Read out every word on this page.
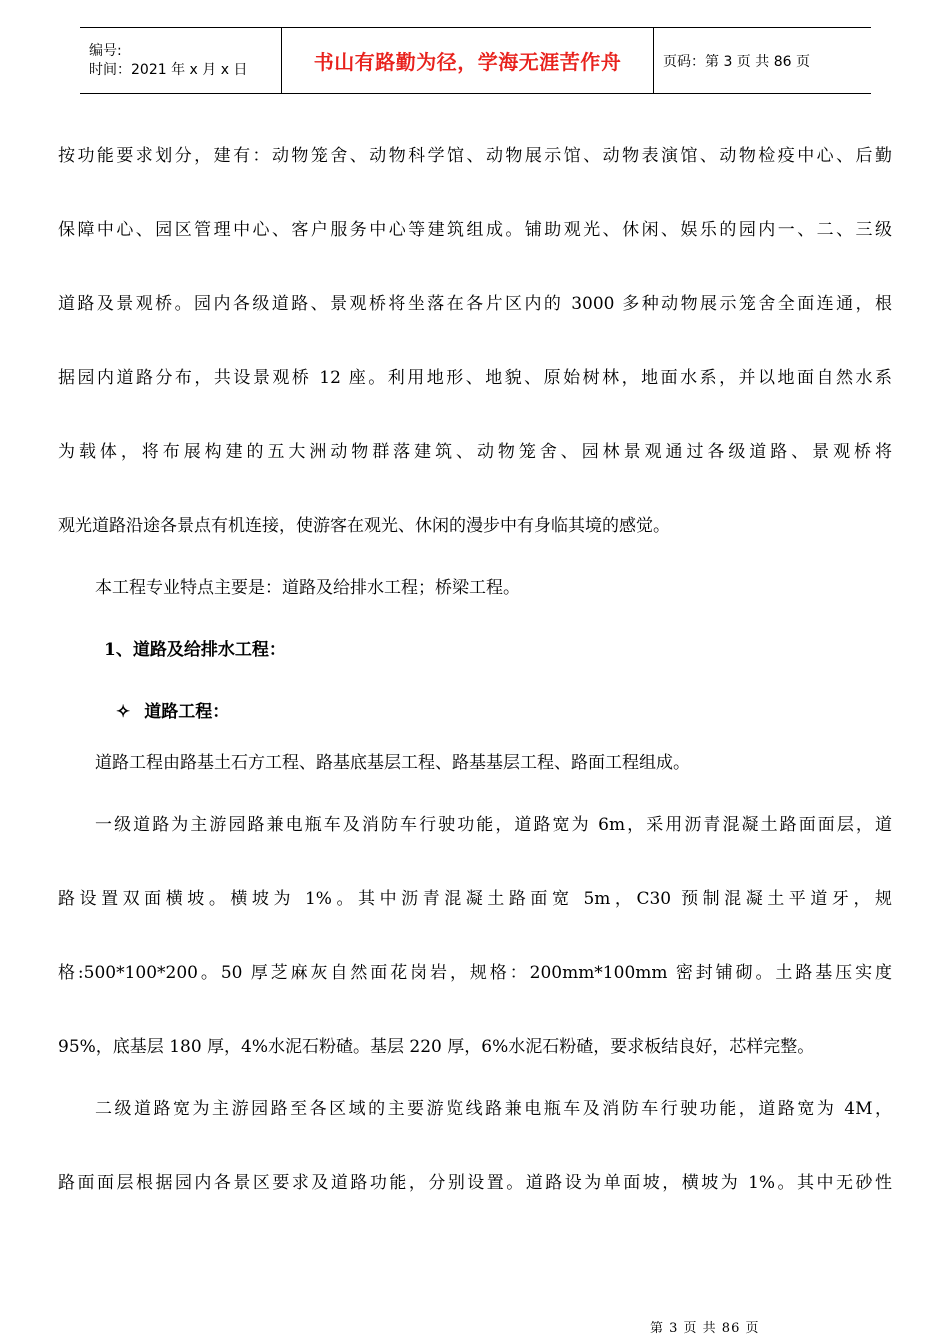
编号:
时间：2021 年 x 月 x 日	书山有路勤为径，学海无涯苦作舟	页码：第 3 页 共 86 页

按功能要求划分，建有：动物笼舍、动物科学馆、动物展示馆、动物表演馆、动物检疫中心、后勤

保障中心、园区管理中心、客户服务中心等建筑组成。铺助观光、休闲、娱乐的园内一、二、三级

道路及景观桥。园内各级道路、景观桥将坐落在各片区内的 3000 多种动物展示笼舍全面连通，根

据园内道路分布，共设景观桥 12 座。利用地形、地貌、原始树林，地面水系，并以地面自然水系

为载体，将布展构建的五大洲动物群落建筑、动物笼舍、园林景观通过各级道路、景观桥将

观光道路沿途各景点有机连接，使游客在观光、休闲的漫步中有身临其境的感觉。

本工程专业特点主要是：道路及给排水工程；桥梁工程。

1、道路及给排水工程：

✧ 道路工程：

道路工程由路基土石方工程、路基底基层工程、路基基层工程、路面工程组成。

一级道路为主游园路兼电瓶车及消防车行驶功能，道路宽为 6m，采用沥青混凝土路面面层，道

路设置双面横坡。横坡为 1%。其中沥青混凝土路面宽 5m，C30 预制混凝土平道牙，规

格:500*100*200。50 厚芝麻灰自然面花岗岩，规格：200mm*100mm 密封铺砌。土路基压实度

95%，底基层 180 厚，4%水泥石粉碴。基层 220 厚，6%水泥石粉碴，要求板结良好，芯样完整。

二级道路宽为主游园路至各区域的主要游览线路兼电瓶车及消防车行驶功能，道路宽为 4M，

路面面层根据园内各景区要求及道路功能，分别设置。道路设为单面坡，横坡为 1%。其中无砂性

第 3 页 共 86 页
